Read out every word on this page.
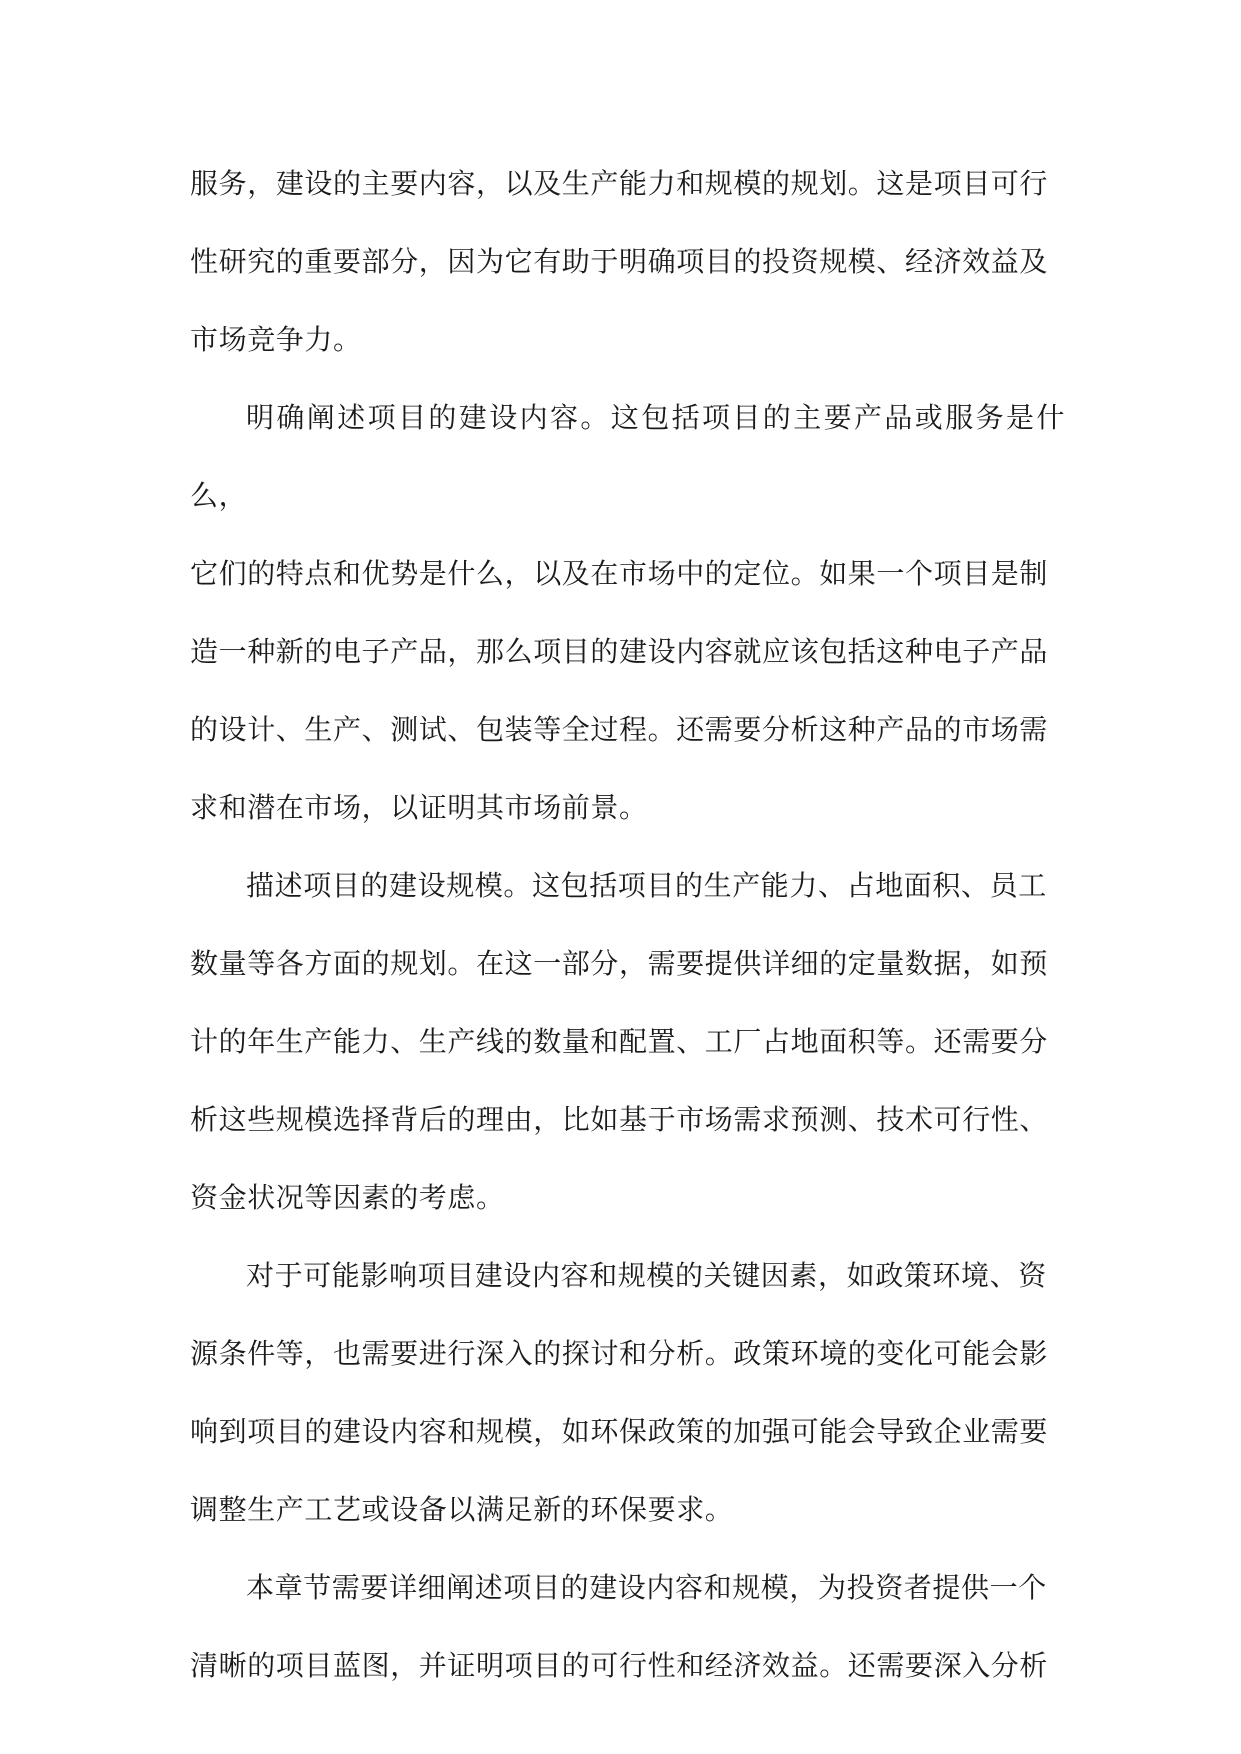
服务，建设的主要内容，以及生产能力和规模的规划。这是项目可行
性研究的重要部分，因为它有助于明确项目的投资规模、经济效益及
市场竞争力。

明确阐述项目的建设内容。这包括项目的主要产品或服务是什么，
它们的特点和优势是什么，以及在市场中的定位。如果一个项目是制
造一种新的电子产品，那么项目的建设内容就应该包括这种电子产品
的设计、生产、测试、包装等全过程。还需要分析这种产品的市场需
求和潜在市场，以证明其市场前景。

描述项目的建设规模。这包括项目的生产能力、占地面积、员工
数量等各方面的规划。在这一部分，需要提供详细的定量数据，如预
计的年生产能力、生产线的数量和配置、工厂占地面积等。还需要分
析这些规模选择背后的理由，比如基于市场需求预测、技术可行性、
资金状况等因素的考虑。

对于可能影响项目建设内容和规模的关键因素，如政策环境、资
源条件等，也需要进行深入的探讨和分析。政策环境的变化可能会影
响到项目的建设内容和规模，如环保政策的加强可能会导致企业需要
调整生产工艺或设备以满足新的环保要求。

本章节需要详细阐述项目的建设内容和规模，为投资者提供一个
清晰的项目蓝图，并证明项目的可行性和经济效益。还需要深入分析
